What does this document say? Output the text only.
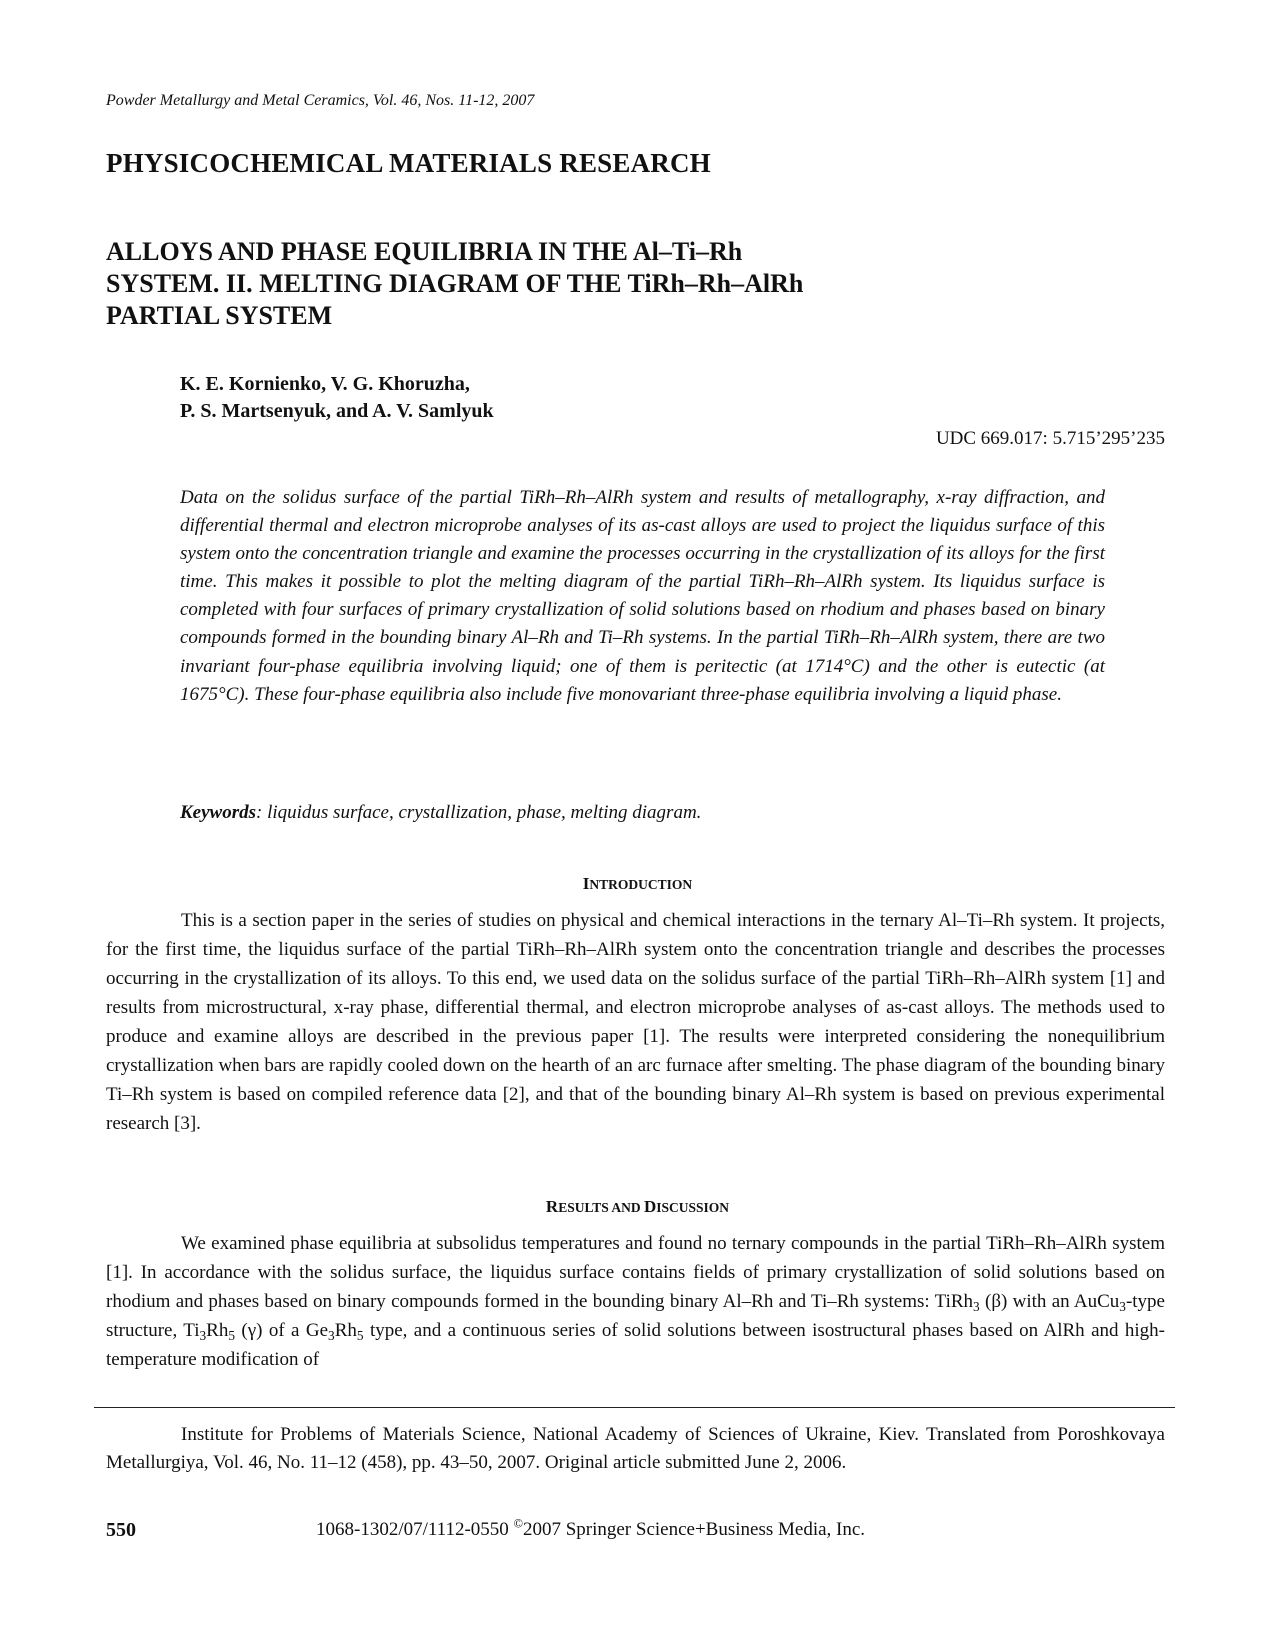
Powder Metallurgy and Metal Ceramics, Vol. 46, Nos. 11-12, 2007
PHYSICOCHEMICAL MATERIALS RESEARCH
ALLOYS AND PHASE EQUILIBRIA IN THE Al–Ti–Rh
SYSTEM. II. MELTING DIAGRAM OF THE TiRh–Rh–AlRh
PARTIAL SYSTEM
K. E. Kornienko, V. G. Khoruzha,
P. S. Martsenyuk, and A. V. Samlyuk
UDC 669.017: 5.715’295’235
Data on the solidus surface of the partial TiRh–Rh–AlRh system and results of metallography, x-ray diffraction, and differential thermal and electron microprobe analyses of its as-cast alloys are used to project the liquidus surface of this system onto the concentration triangle and examine the processes occurring in the crystallization of its alloys for the first time. This makes it possible to plot the melting diagram of the partial TiRh–Rh–AlRh system. Its liquidus surface is completed with four surfaces of primary crystallization of solid solutions based on rhodium and phases based on binary compounds formed in the bounding binary Al–Rh and Ti–Rh systems. In the partial TiRh–Rh–AlRh system, there are two invariant four-phase equilibria involving liquid; one of them is peritectic (at 1714°C) and the other is eutectic (at 1675°C). These four-phase equilibria also include five monovariant three-phase equilibria involving a liquid phase.
Keywords: liquidus surface, crystallization, phase, melting diagram.
INTRODUCTION

This is a section paper in the series of studies on physical and chemical interactions in the ternary Al–Ti–Rh system. It projects, for the first time, the liquidus surface of the partial TiRh–Rh–AlRh system onto the concentration triangle and describes the processes occurring in the crystallization of its alloys. To this end, we used data on the solidus surface of the partial TiRh–Rh–AlRh system [1] and results from microstructural, x-ray phase, differential thermal, and electron microprobe analyses of as-cast alloys. The methods used to produce and examine alloys are described in the previous paper [1]. The results were interpreted considering the nonequilibrium crystallization when bars are rapidly cooled down on the hearth of an arc furnace after smelting. The phase diagram of the bounding binary Ti–Rh system is based on compiled reference data [2], and that of the bounding binary Al–Rh system is based on previous experimental research [3].

RESULTS AND DISCUSSION

We examined phase equilibria at subsolidus temperatures and found no ternary compounds in the partial TiRh–Rh–AlRh system [1]. In accordance with the solidus surface, the liquidus surface contains fields of primary crystallization of solid solutions based on rhodium and phases based on binary compounds formed in the bounding binary Al–Rh and Ti–Rh systems: TiRh$_3$ (β) with an AuCu$_3$-type structure, $Ti_3Rh_5$ (γ) of a $Ge_3Rh_5$ type, and a continuous series of solid solutions between isostructural phases based on AlRh and high-temperature modification of

Institute for Problems of Materials Science, National Academy of Sciences of Ukraine, Kiev. Translated from Poroshkovaya Metallurgiya, Vol. 46, No. 11–12 (458), pp. 43–50, 2007. Original article submitted June 2, 2006.

550	1068-1302/07/1112-0550 ©2007 Springer Science+Business Media, Inc.
